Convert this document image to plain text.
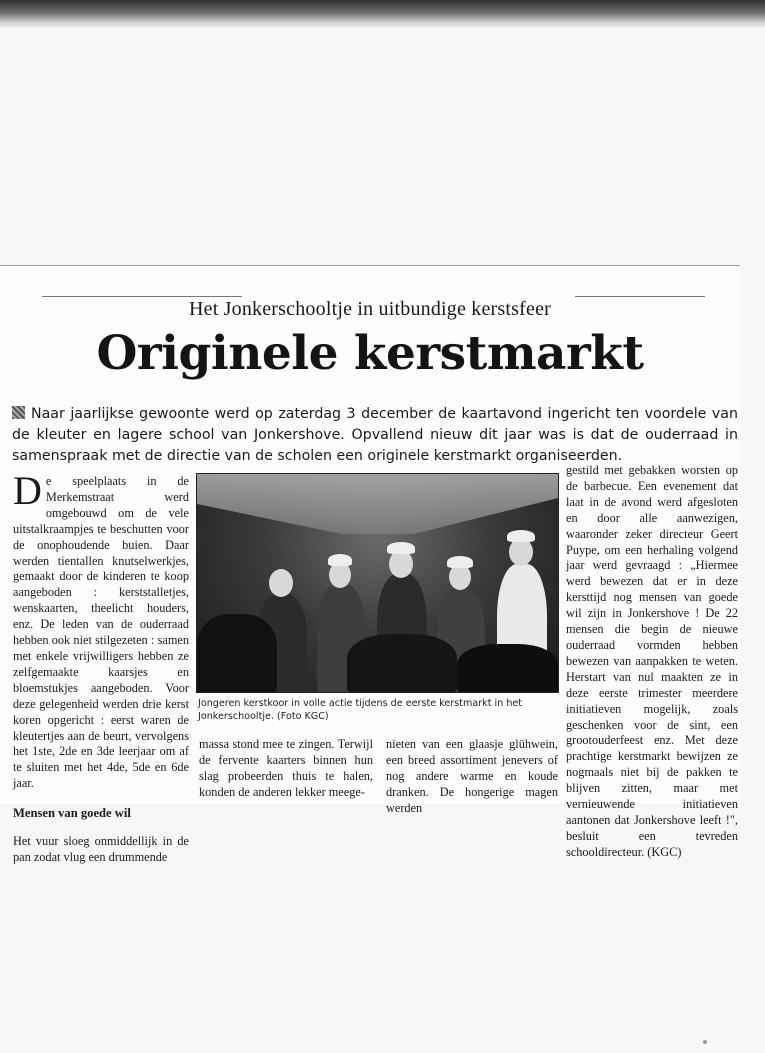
Het Jonkerschooltje in uitbundige kerstsfeer
Originele kerstmarkt
Naar jaarlijkse gewoonte werd op zaterdag 3 december de kaartavond ingericht ten voordele van de kleuter en lagere school van Jonkershove. Opvallend nieuw dit jaar was is dat de ouderraad in samenspraak met de directie van de scholen een originele kerstmarkt organiseerden.

De speelplaats in de Merkemstraat werd omgebouwd om de vele uitstalkraampjes te beschutten voor de onophoudende buien. Daar werden tientallen knutselwerkjes, gemaakt door de kinderen te koop aangeboden : kerststalletjes, wenskaarten, theelicht houders, enz. De leden van de ouderraad hebben ook niet stilgezeten : samen met enkele vrijwilligers hebben ze zelfgemaakte kaarsjes en bloemstukjes aangeboden. Voor deze gelegenheid werden drie kerst koren opgericht : eerst waren de kleutertjes aan de beurt, vervolgens het 1ste, 2de en 3de leerjaar om af te sluiten met het 4de, 5de en 6de jaar.

Mensen van goede wil

Het vuur sloeg onmiddellijk in de pan zodat vlug een drummende

Jongeren kerstkoor in volle actie tijdens de eerste kerstmarkt in het Jonkerschooltje. (Foto KGC)

massa stond mee te zingen. Terwijl de fervente kaarters binnen hun slag probeerden thuis te halen, konden de anderen lekker meege-

nieten van een glaasje glühwein, een breed assortiment jenevers of nog andere warme en koude dranken. De hongerige magen werden

gestild met gebakken worsten op de barbecue. Een evenement dat laat in de avond werd afgesloten en door alle aanwezigen, waaronder zeker directeur Geert Puype, om een herhaling volgend jaar werd gevraagd : „Hiermee werd bewezen dat er in deze kersttijd nog mensen van goede wil zijn in Jonkershove ! De 22 mensen die begin de nieuwe ouderraad vormden hebben bewezen van aanpakken te weten. Herstart van nul maakten ze in deze eerste trimester meerdere initiatieven mogelijk, zoals geschenken voor de sint, een grootouderfeest enz. Met deze prachtige kerstmarkt bewijzen ze nogmaals niet bij de pakken te blijven zitten, maar met vernieuwende initiatieven aantonen dat Jonkershove leeft !", besluit een tevreden schooldirecteur. (KGC)
